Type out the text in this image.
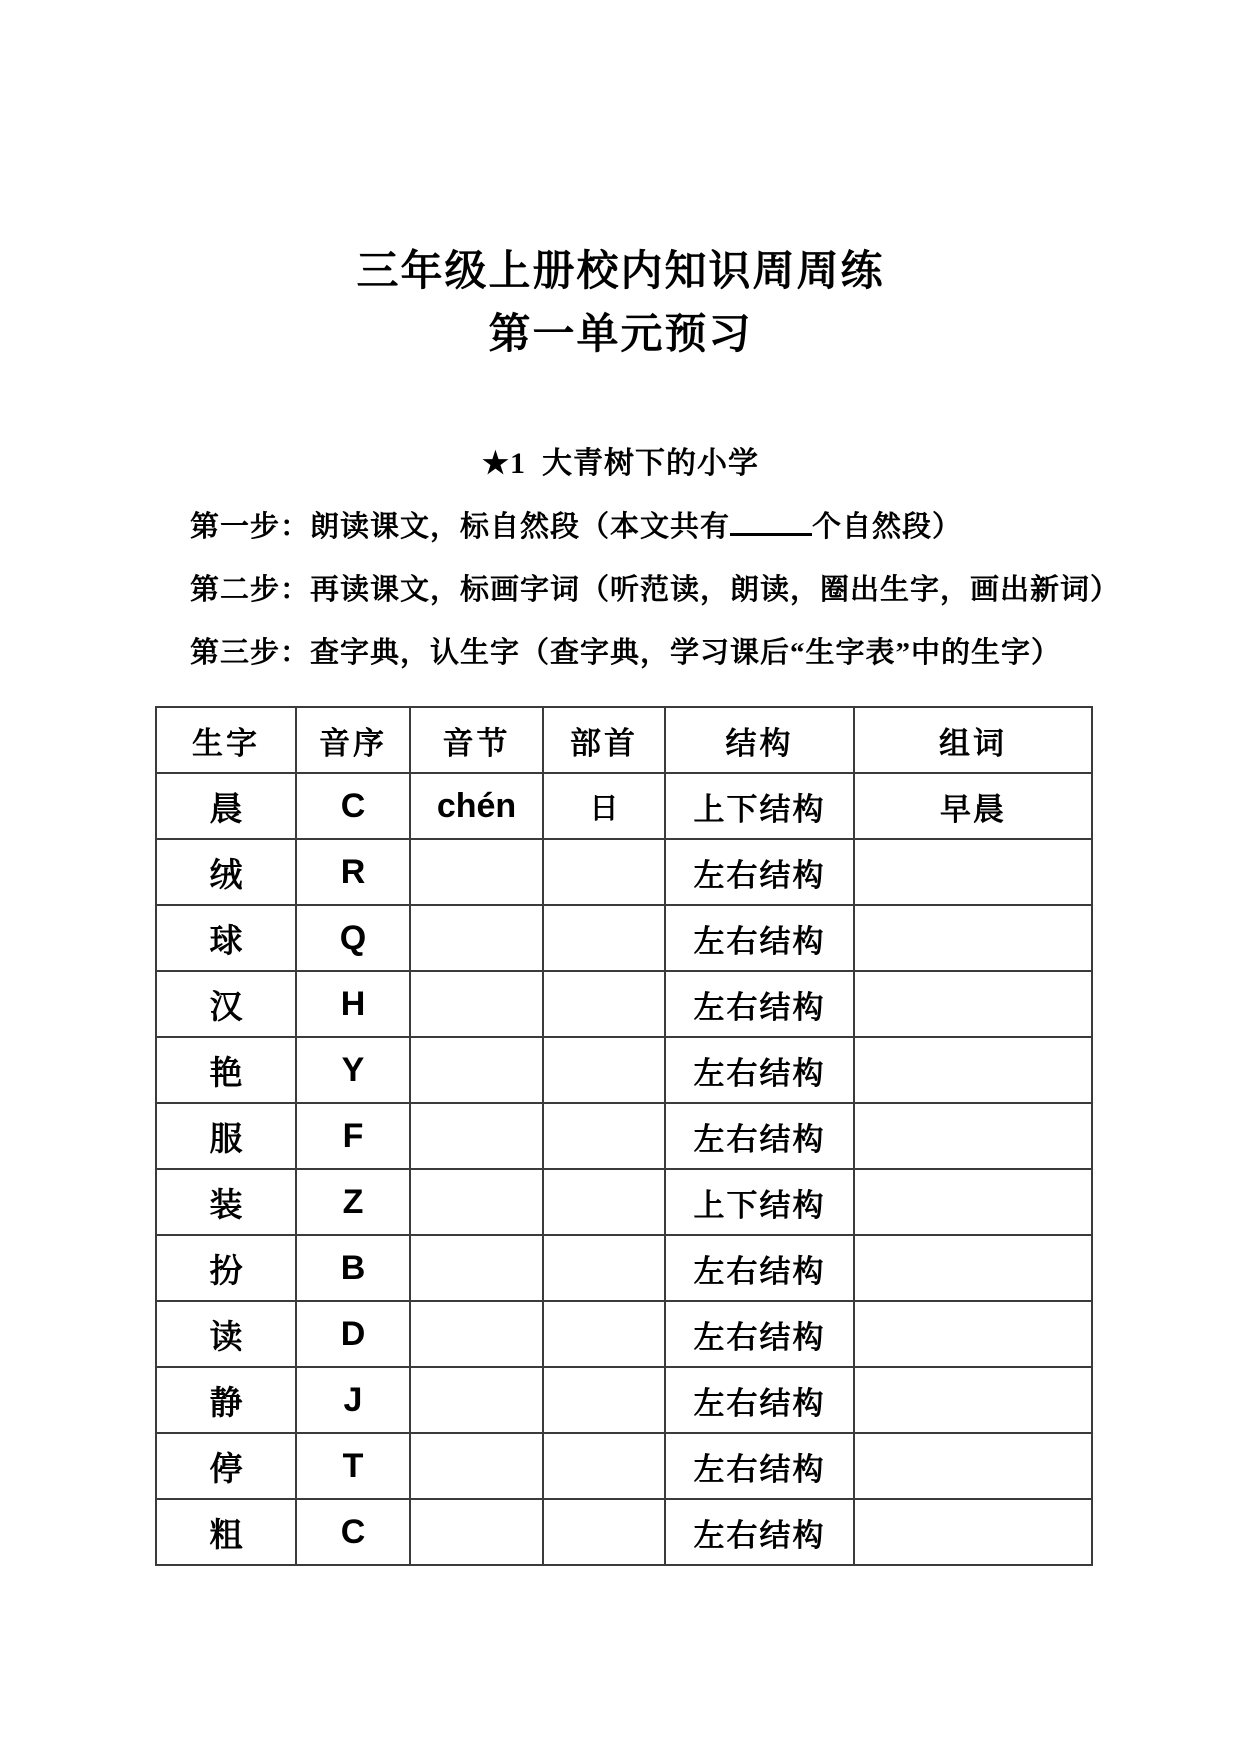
三年级上册校内知识周周练
第一单元预习
★1 大青树下的小学

第一步：朗读课文，标自然段（本文共有	个自然段）

第二步：再读课文，标画字词（听范读，朗读，圈出生字，画出新词）

第三步：查字典，认生字（查字典，学习课后“生字表”中的生字）

生字	音序	音节	部首	结构	组词
晨	C	chén	日	上下结构	早晨
绒	R			左右结构	
球	Q			左右结构	
汉	H			左右结构	
艳	Y			左右结构	
服	F			左右结构	
装	Z			上下结构	
扮	B			左右结构	
读	D			左右结构	
静	J			左右结构	
停	T			左右结构	
粗	C			左右结构	
